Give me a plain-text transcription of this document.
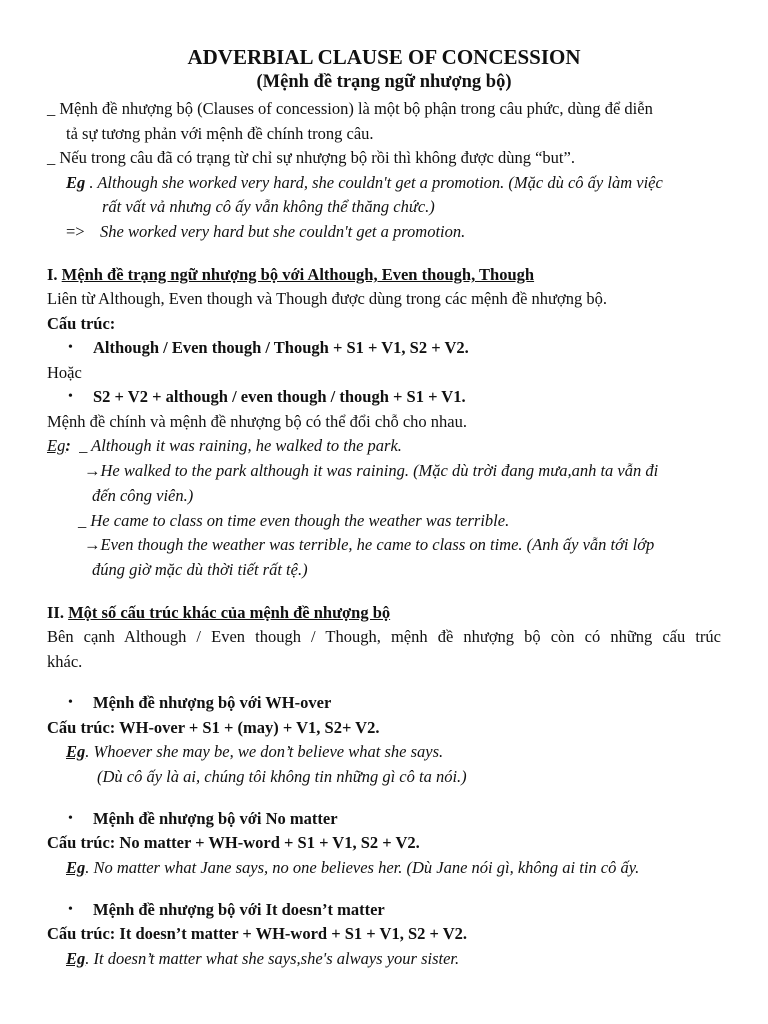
ADVERBIAL CLAUSE OF CONCESSION
(Mệnh đề trạng ngữ nhượng bộ)
_ Mệnh đề nhượng bộ (Clauses of concession) là một bộ phận trong câu phức, dùng để diễn
tả sự tương phản với mệnh đề chính trong câu.
_ Nếu trong câu đã có trạng từ chỉ sự nhượng bộ rồi thì không được dùng “but”.
Eg . Although she worked very hard, she couldn't get a promotion. (Mặc dù cô ấy làm việc
rất vất vả nhưng cô ấy vẫn không thể thăng chức.)
=> She worked very hard but she couldn't get a promotion.
I. Mệnh đề trạng ngữ nhượng bộ với Although, Even though, Though
Liên từ Although, Even though và Though được dùng trong các mệnh đề nhượng bộ.
Cấu trúc:
• Although / Even though / Though + S1 + V1, S2 + V2.
Hoặc
• S2 + V2 + although / even though / though + S1 + V1.
Mệnh đề chính và mệnh đề nhượng bộ có thể đổi chỗ cho nhau.
Eg: _ Although it was raining, he walked to the park.
→He walked to the park although it was raining. (Mặc dù trời đang mưa,anh ta vẫn đi
đến công viên.)
_ He came to class on time even though the weather was terrible.
→Even though the weather was terrible, he came to class on time. (Anh ấy vẫn tới lớp
đúng giờ mặc dù thời tiết rất tệ.)
II. Một số cấu trúc khác của mệnh đề nhượng bộ
Bên cạnh Although / Even though / Though, mệnh đề nhượng bộ còn có những cấu trúc
khác.
• Mệnh đề nhượng bộ với WH-over
Cấu trúc: WH-over + S1 + (may) + V1, S2+ V2.
Eg. Whoever she may be, we don’t believe what she says.
(Dù cô ấy là ai, chúng tôi không tin những gì cô ta nói.)
• Mệnh đề nhượng bộ với No matter
Cấu trúc: No matter + WH-word + S1 + V1, S2 + V2.
Eg. No matter what Jane says, no one believes her. (Dù Jane nói gì, không ai tin cô ấy.
• Mệnh đề nhượng bộ với It doesn’t matter
Cấu trúc: It doesn’t matter + WH-word + S1 + V1, S2 + V2.
Eg. It doesn’t matter what she says,she's always your sister.
